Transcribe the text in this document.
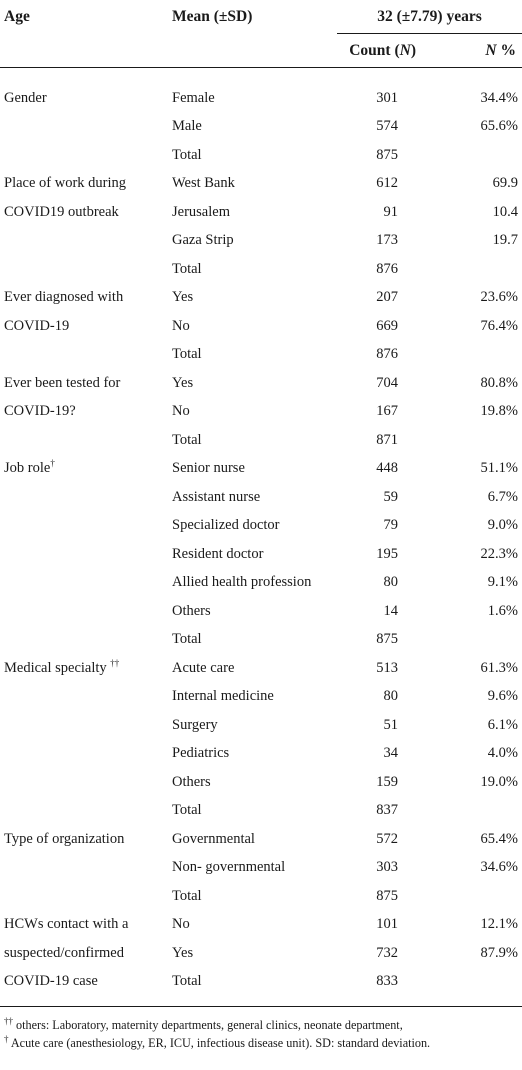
Age	Mean (±SD)	32 (±7.79) years	
		Count (N)	N %

Gender	Female	301	34.4%
	Male	574	65.6%
	Total	875	
Place of work during	West Bank	612	69.9
COVID19 outbreak	Jerusalem	91	10.4
	Gaza Strip	173	19.7
	Total	876	
Ever diagnosed with	Yes	207	23.6%
COVID-19	No	669	76.4%
	Total	876	
Ever been tested for	Yes	704	80.8%
COVID-19?	No	167	19.8%
	Total	871	
Job role†	Senior nurse	448	51.1%
	Assistant nurse	59	6.7%
	Specialized doctor	79	9.0%
	Resident doctor	195	22.3%
	Allied health profession	80	9.1%
	Others	14	1.6%
	Total	875	
Medical specialty ††	Acute care	513	61.3%
	Internal medicine	80	9.6%
	Surgery	51	6.1%
	Pediatrics	34	4.0%
	Others	159	19.0%
	Total	837	
Type of organization	Governmental	572	65.4%
	Non- governmental	303	34.6%
	Total	875	
HCWs contact with a	No	101	12.1%
suspected/confirmed	Yes	732	87.9%
COVID-19 case	Total	833	

†† others: Laboratory, maternity departments, general clinics, neonate department,

† Acute care (anesthesiology, ER, ICU, infectious disease unit). SD: standard deviation.
